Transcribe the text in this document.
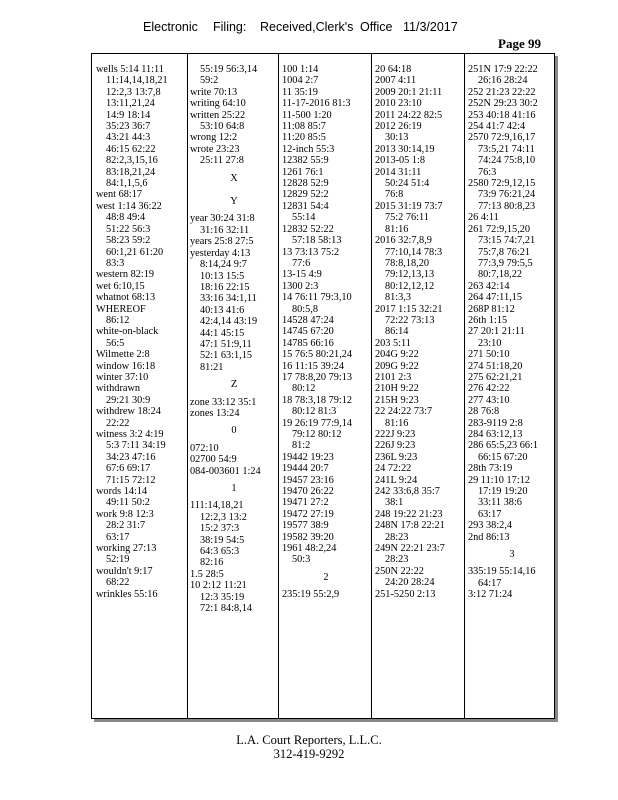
Electronic Filing: Received,Clerk's Office 11/3/2017
Page 99
wells 5:14 11:11
11:14,14,18,21
12:2,3 13:7,8
13:11,21,24
14:9 18:14
35:23 36:7
43:21 44:3
46:15 62:22
82:2,3,15,16
83:18,21,24
84:1,1,5,6
went 68:17
west 1:14 36:22
48:8 49:4
51:22 56:3
58:23 59:2
60:1,21 61:20
83:3
western 82:19
wet 6:10,15
whatnot 68:13
WHEREOF
86:12
white-on-black
56:5
Wilmette 2:8
window 16:18
winter 37:10
withdrawn
29:21 30:9
withdrew 18:24
22:22
witness 3:2 4:19
5:3 7:11 34:19
34:23 47:16
67:6 69:17
71:15 72:12
words 14:14
49:11 50:2
work 9:8 12:3
28:2 31:7
63:17
working 27:13
52:19
wouldn't 9:17
68:22
wrinkles 55:16
55:19 56:3,14
59:2
write 70:13
writing 64:10
written 25:22
53:10 64:8
wrong 12:2
wrote 23:23
25:11 27:8
X
Y
year 30:24 31:8
31:16 32:11
years 25:8 27:5
yesterday 4:13
8:14,24 9:7
10:13 15:5
18:16 22:15
33:16 34:1,11
40:13 41:6
42:4,14 43:19
44:1 45:15
47:1 51:9,11
52:1 63:1,15
81:21
Z
zone 33:12 35:1
zones 13:24
0
072:10
02700 54:9
084-003601 1:24
1
111:14,18,21
12:2,3 13:2
15:2 37:3
38:19 54:5
64:3 65:3
82:16
1.5 28:5
10 2:12 11:21
12:3 35:19
72:1 84:8,14
100 1:14
1004 2:7
11 35:19
11-17-2016 81:3
11-500 1:20
11:08 85:7
11:20 85:5
12-inch 55:3
12382 55:9
1261 76:1
12828 52:9
12829 52:2
12831 54:4
55:14
12832 52:22
57:18 58:13
13 73:13 75:2
77:6
13-15 4:9
1300 2:3
14 76:11 79:3,10
80:5,8
14528 47:24
14745 67:20
14785 66:16
15 76:5 80:21,24
16 11:15 39:24
17 78:8,20 79:13
80:12
18 78:3,18 79:12
80:12 81:3
19 26:19 77:9,14
79:12 80:12
81:2
19442 19:23
19444 20:7
19457 23:16
19470 26:22
19471 27:2
19472 27:19
19577 38:9
19582 39:20
1961 48:2,24
50:3
2
235:19 55:2,9
20 64:18
2007 4:11
2009 20:1 21:11
2010 23:10
2011 24:22 82:5
2012 26:19
30:13
2013 30:14,19
2013-05 1:8
2014 31:11
50:24 51:4
76:8
2015 31:19 73:7
75:2 76:11
81:16
2016 32:7,8,9
77:10,14 78:3
78:8,18,20
79:12,13,13
80:12,12,12
81:3,3
2017 1:15 32:21
72:22 73:13
86:14
203 5:11
204G 9:22
209G 9:22
2101 2:3
210H 9:22
215H 9:23
22 24:22 73:7
81:16
222J 9:23
226J 9:23
236L 9:23
24 72:22
241L 9:24
242 33:6,8 35:7
38:1
248 19:22 21:23
248N 17:8 22:21
28:23
249N 22:21 23:7
28:23
250N 22:22
24:20 28:24
251-5250 2:13
251N 17:9 22:22
26:16 28:24
252 21:23 22:22
252N 29:23 30:2
253 40:18 41:16
254 41:7 42:4
2570 72:9,16,17
73:5,21 74:11
74:24 75:8,10
76:3
2580 72:9,12,15
73:9 76:21,24
77:13 80:8,23
26 4:11
261 72:9,15,20
73:15 74:7,21
75:7,8 76:21
77:3,9 79:5,5
80:7,18,22
263 42:14
264 47:11,15
268P 81:12
26th 1:15
27 20:1 21:11
23:10
271 50:10
274 51:18,20
275 62:21,21
276 42:22
277 43:10
28 76:8
283-9119 2:8
284 63:12,13
286 65:5,23 66:1
66:15 67:20
28th 73:19
29 11:10 17:12
17:19 19:20
33:11 38:6
63:17
293 38:2,4
2nd 86:13
3
335:19 55:14,16
64:17
3:12 71:24
L.A. Court Reporters, L.L.C.
312-419-9292
